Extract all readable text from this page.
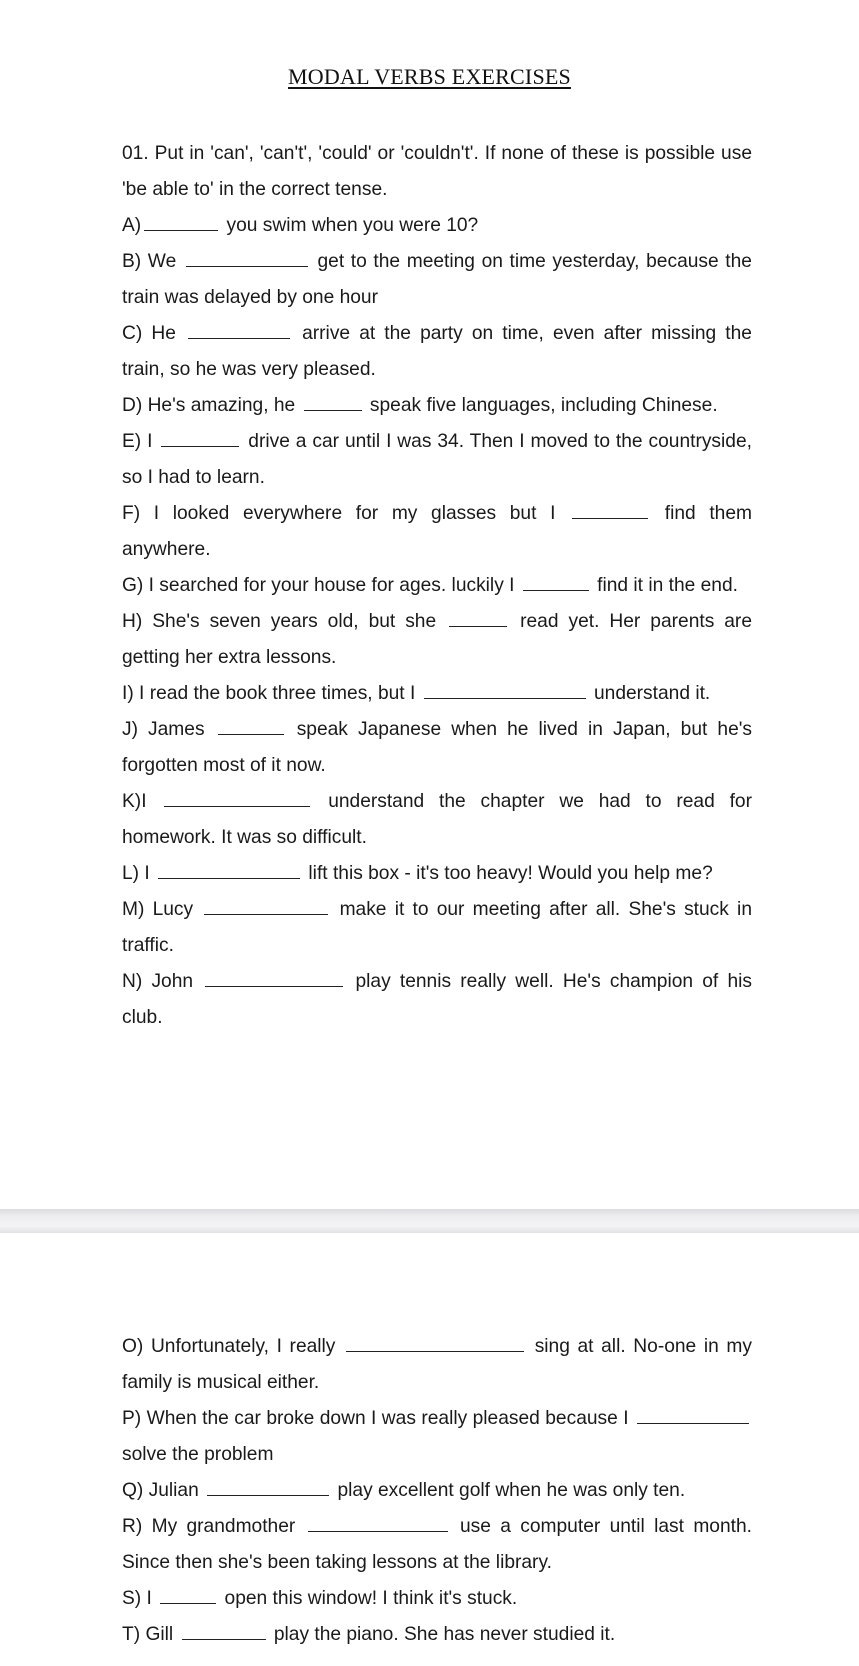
MODAL VERBS EXERCISES

01. Put in 'can', 'can't', 'could' or 'couldn't'. If none of these is possible use 'be able to' in the correct tense.

A)	you swim when you were 10?

B) We	get to the meeting on time yesterday, because the train was delayed by one hour

C) He	arrive at the party on time, even after missing the train, so he was very pleased.

D) He's amazing, he	speak five languages, including Chinese.

E) I	drive a car until I was 34. Then I moved to the countryside, so I had to learn.

F) I looked everywhere for my glasses but I	find them anywhere.

G) I searched for your house for ages. luckily I	find it in the end.

H) She's seven years old, but she	read yet. Her parents are getting her extra lessons.

I) I read the book three times, but I	understand it.

J) James	speak Japanese when he lived in Japan, but he's forgotten most of it now.

K)I	understand the chapter we had to read for homework. It was so difficult.

L) I	lift this box - it's too heavy! Would you help me?

M) Lucy	make it to our meeting after all. She's stuck in traffic.

N) John	play tennis really well. He's champion of his club.

O) Unfortunately, I really	sing at all. No-one in my family is musical either.

P) When the car broke down I was really pleased because I  solve the problem

Q) Julian	play excellent golf when he was only ten.

R) My grandmother	use a computer until last month. Since then she's been taking lessons at the library.

S) I	open this window! I think it's stuck.

T) Gill	play the piano. She has never studied it.
